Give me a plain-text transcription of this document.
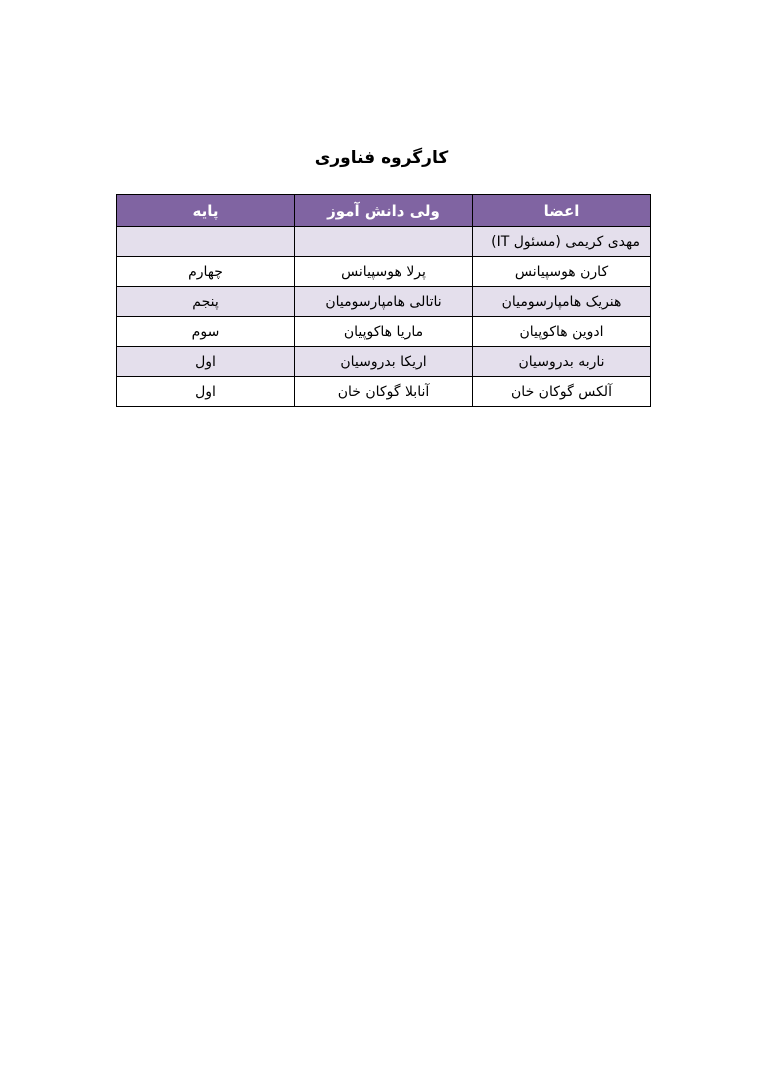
کارگروه فناوری
اعضا	ولی دانش آموز	پایه
مهدی کریمی (مسئول IT)		
کارن هوسپیانس	پرلا هوسپیانس	چهارم
هنریک هامپارسومیان	ناتالی هامپارسومیان	پنجم
ادوین هاکوپیان	ماریا هاکوپیان	سوم
ناربه بدروسیان	اریکا بدروسیان	اول
آلکس گوکان خان	آنابلا گوکان خان	اول
